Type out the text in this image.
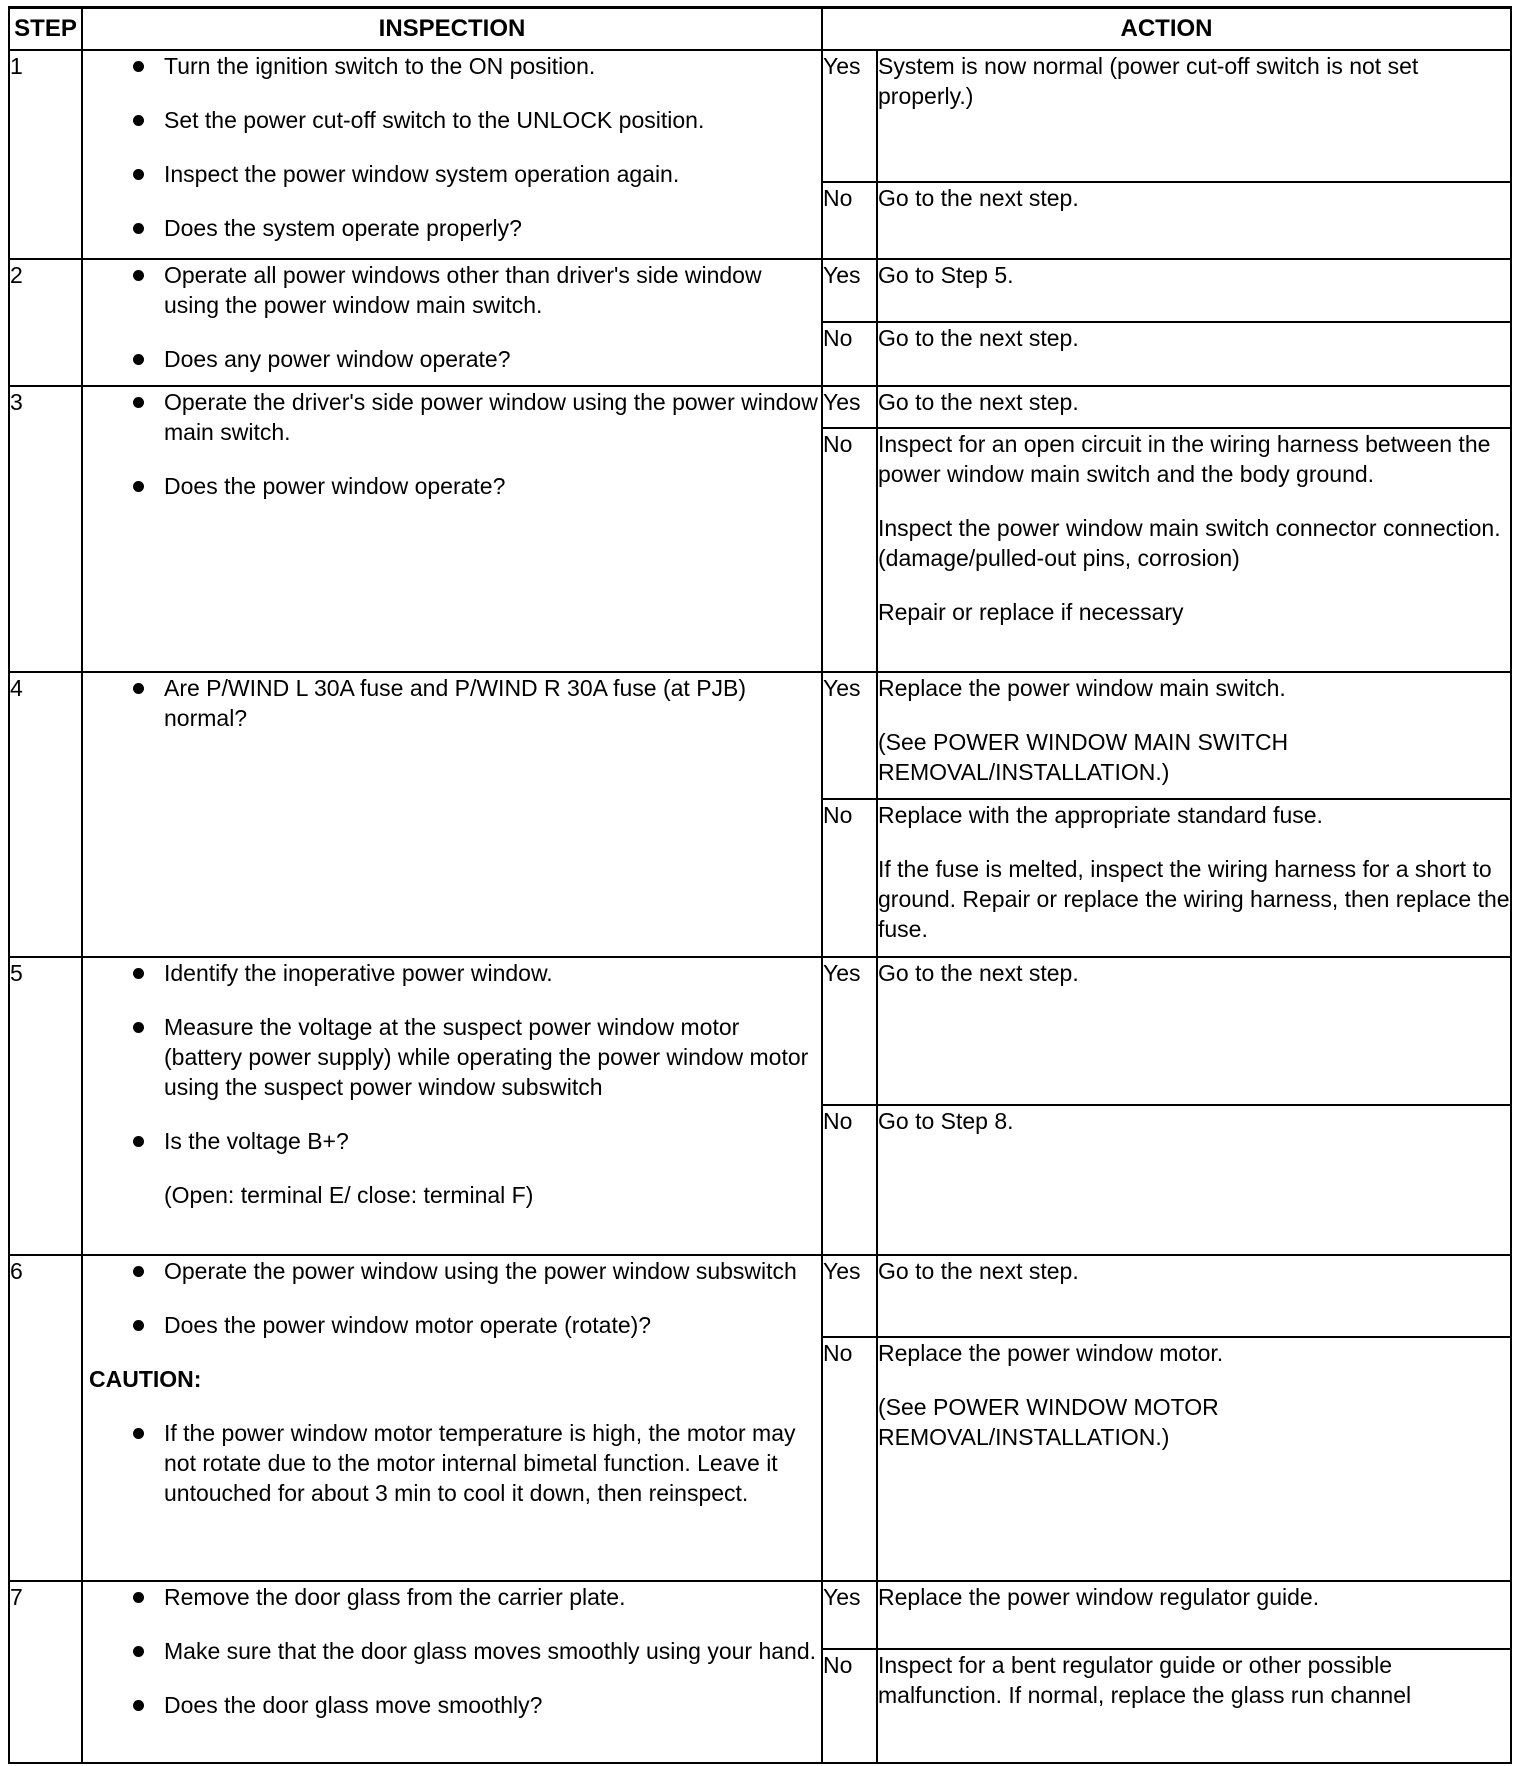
STEP	INSPECTION	ACTION	
1	Turn the ignition switch to the ON position.
Set the power cut-off switch to the UNLOCK position.
Inspect the power window system operation again.
Does the system operate properly?	Yes	System is now normal (power cut-off switch is not set properly.)

		No	Go to the next step.

2	Operate all power windows other than driver's side window using the power window main switch.
Does any power window operate?	Yes	Go to Step 5.

		No	Go to the next step.

3	Operate the driver's side power window using the power window main switch.
Does the power window operate?	Yes	Go to the next step.

		No	Inspect for an open circuit in the wiring harness between the power window main switch and the body ground.
Inspect the power window main switch connector connection. (damage/pulled-out pins, corrosion)
Repair or replace if necessary

4	Are P/WIND L 30A fuse and P/WIND R 30A fuse (at PJB) normal?	Yes	Replace the power window main switch.
(See POWER WINDOW MAIN SWITCH REMOVAL/INSTALLATION.)

		No	Replace with the appropriate standard fuse.
If the fuse is melted, inspect the wiring harness for a short to ground. Repair or replace the wiring harness, then replace the fuse.

5	Identify the inoperative power window.
Measure the voltage at the suspect power window motor (battery power supply) while operating the power window motor using the suspect power window subswitch
Is the voltage B+?
(Open: terminal E/ close: terminal F)	Yes	Go to the next step.

		No	Go to Step 8.

6	Operate the power window using the power window subswitch
Does the power window motor operate (rotate)?
CAUTION:
If the power window motor temperature is high, the motor may not rotate due to the motor internal bimetal function. Leave it untouched for about 3 min to cool it down, then reinspect.	Yes	Go to the next step.

		No	Replace the power window motor.
(See POWER WINDOW MOTOR REMOVAL/INSTALLATION.)

7	Remove the door glass from the carrier plate.
Make sure that the door glass moves smoothly using your hand.
Does the door glass move smoothly?	Yes	Replace the power window regulator guide.

		No	Inspect for a bent regulator guide or other possible malfunction. If normal, replace the glass run channel
